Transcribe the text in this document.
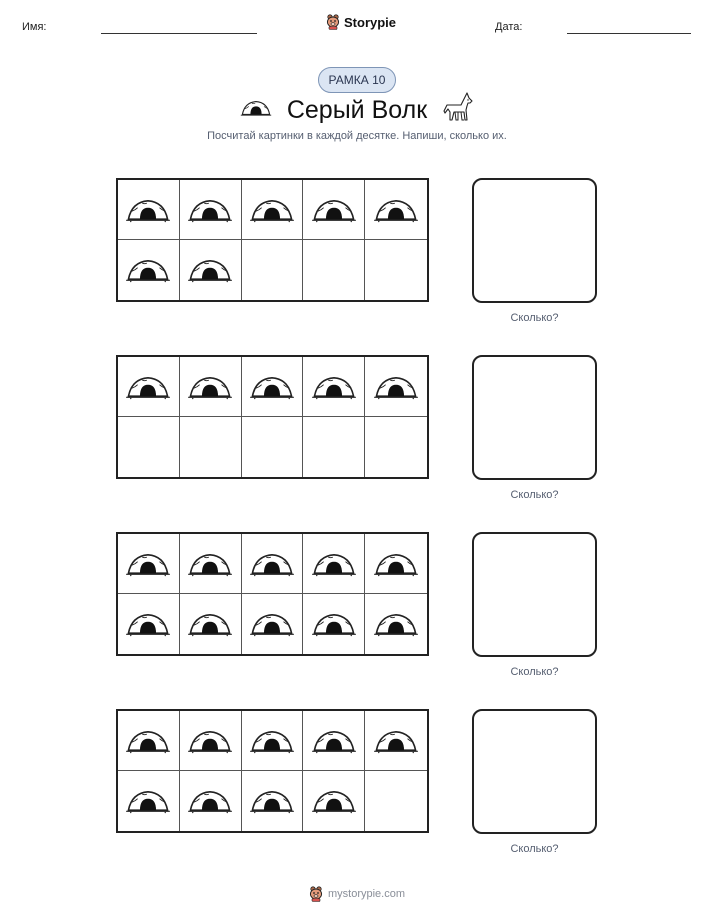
Имя:	Storypie	Дата:
РАМКА 10
Серый Волк
Посчитай картинки в каждой десятке. Напиши, сколько их.
Сколько?
Сколько?
Сколько?
Сколько?
mystorypie.com
